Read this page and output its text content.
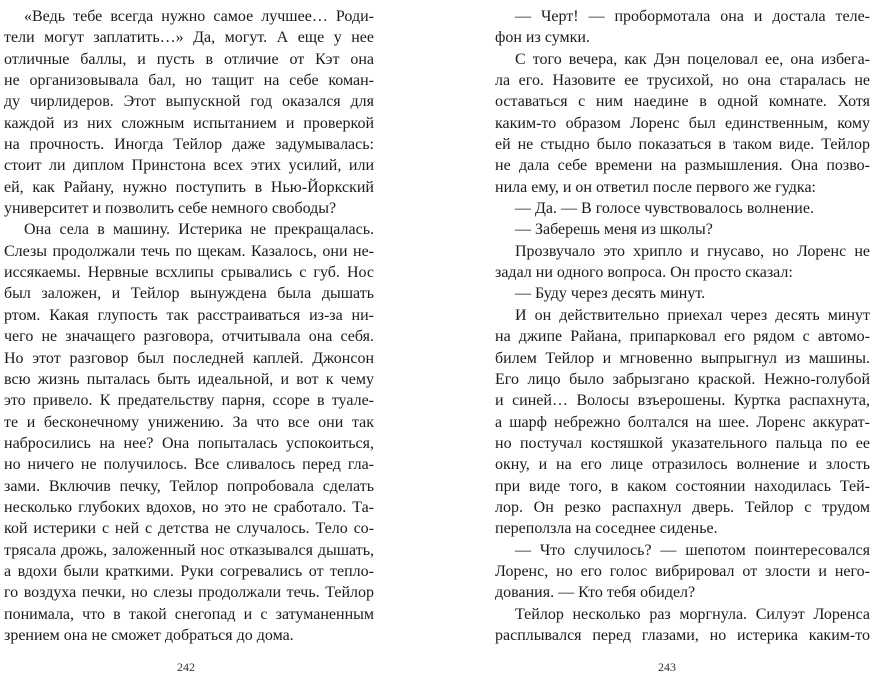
«Ведь тебе всегда нужно самое лучшее… Роди-
тели могут заплатить…» Да, могут. А еще у нее
отличные баллы, и пусть в отличие от Кэт она
не организовывала бал, но тащит на себе коман-
ду чирлидеров. Этот выпускной год оказался для
каждой из них сложным испытанием и проверкой
на прочность. Иногда Тейлор даже задумывалась:
стоит ли диплом Принстона всех этих усилий, или
ей, как Райану, нужно поступить в Нью-Йоркский
университет и позволить себе немного свободы?
Она села в машину. Истерика не прекращалась.
Слезы продолжали течь по щекам. Казалось, они не-
иссякаемы. Нервные всхлипы срывались с губ. Нос
был заложен, и Тейлор вынуждена была дышать
ртом. Какая глупость так расстраиваться из-за ни-
чего не значащего разговора, отчитывала она себя.
Но этот разговор был последней каплей. Джонсон
всю жизнь пыталась быть идеальной, и вот к чему
это привело. К предательству парня, ссоре в туале-
те и бесконечному унижению. За что все они так
набросились на нее? Она попыталась успокоиться,
но ничего не получилось. Все сливалось перед гла-
зами. Включив печку, Тейлор попробовала сделать
несколько глубоких вдохов, но это не сработало. Та-
кой истерики с ней с детства не случалось. Тело со-
трясала дрожь, заложенный нос отказывался дышать,
а вдохи были краткими. Руки согревались от тепло-
го воздуха печки, но слезы продолжали течь. Тейлор
понимала, что в такой снегопад и с затуманенным
зрением она не сможет добраться до дома.
242
— Черт! — пробормотала она и достала теле-
фон из сумки.
С того вечера, как Дэн поцеловал ее, она избега-
ла его. Назовите ее трусихой, но она старалась не
оставаться с ним наедине в одной комнате. Хотя
каким-то образом Лоренс был единственным, кому
ей не стыдно было показаться в таком виде. Тейлор
не дала себе времени на размышления. Она позво-
нила ему, и он ответил после первого же гудка:
— Да. — В голосе чувствовалось волнение.
— Заберешь меня из школы?
Прозвучало это хрипло и гнусаво, но Лоренс не
задал ни одного вопроса. Он просто сказал:
— Буду через десять минут.
И он действительно приехал через десять минут
на джипе Райана, припарковал его рядом с автомо-
билем Тейлор и мгновенно выпрыгнул из машины.
Его лицо было забрызгано краской. Нежно-голубой
и синей… Волосы взъерошены. Куртка распахнута,
а шарф небрежно болтался на шее. Лоренс аккурат-
но постучал костяшкой указательного пальца по ее
окну, и на его лице отразилось волнение и злость
при виде того, в каком состоянии находилась Тей-
лор. Он резко распахнул дверь. Тейлор с трудом
переползла на соседнее сиденье.
— Что случилось? — шепотом поинтересовался
Лоренс, но его голос вибрировал от злости и него-
дования. — Кто тебя обидел?
Тейлор несколько раз моргнула. Силуэт Лоренса
расплывался перед глазами, но истерика каким-то
243
